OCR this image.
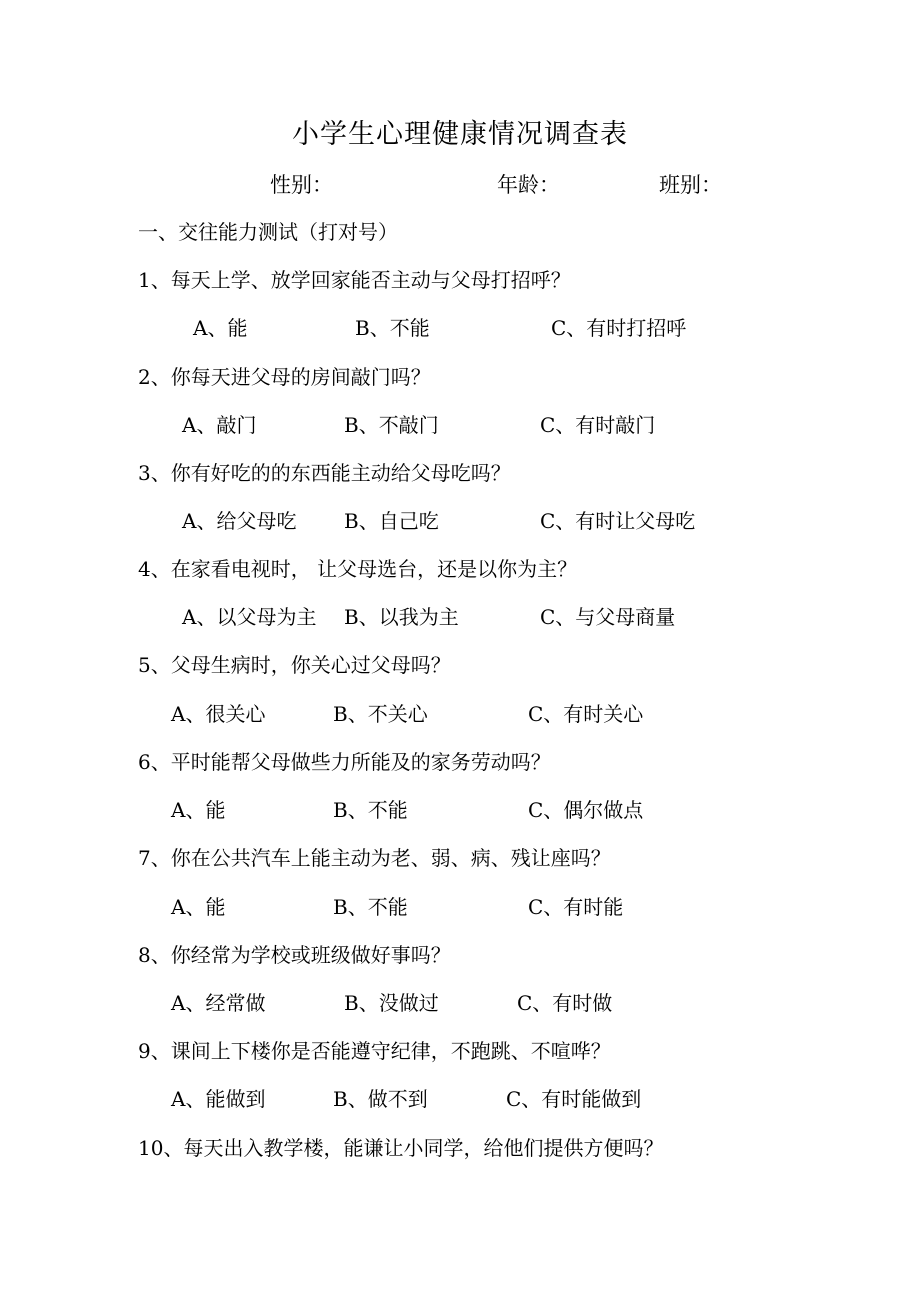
小学生心理健康情况调查表
性别：	年龄：	班别：
一、交往能力测试（打对号）
1、每天上学、放学回家能否主动与父母打招呼？
A、能	B、不能	C、有时打招呼
2、你每天进父母的房间敲门吗？
A、敲门	B、不敲门	C、有时敲门
3、你有好吃的的东西能主动给父母吃吗？
A、给父母吃 B、自己吃	C、有时让父母吃
4、在家看电视时， 让父母选台，还是以你为主？
A、以父母为主 B、以我为主	C、与父母商量
5、父母生病时，你关心过父母吗？
A、很关心	B、不关心	C、有时关心
6、平时能帮父母做些力所能及的家务劳动吗？
A、能	B、不能	C、偶尔做点
7、你在公共汽车上能主动为老、弱、病、残让座吗？
A、能	B、不能	C、有时能
8、你经常为学校或班级做好事吗？
A、经常做	B、没做过	C、有时做
9、课间上下楼你是否能遵守纪律，不跑跳、不喧哗？
A、能做到	B、做不到	C、有时能做到
10、每天出入教学楼，能谦让小同学，给他们提供方便吗？
